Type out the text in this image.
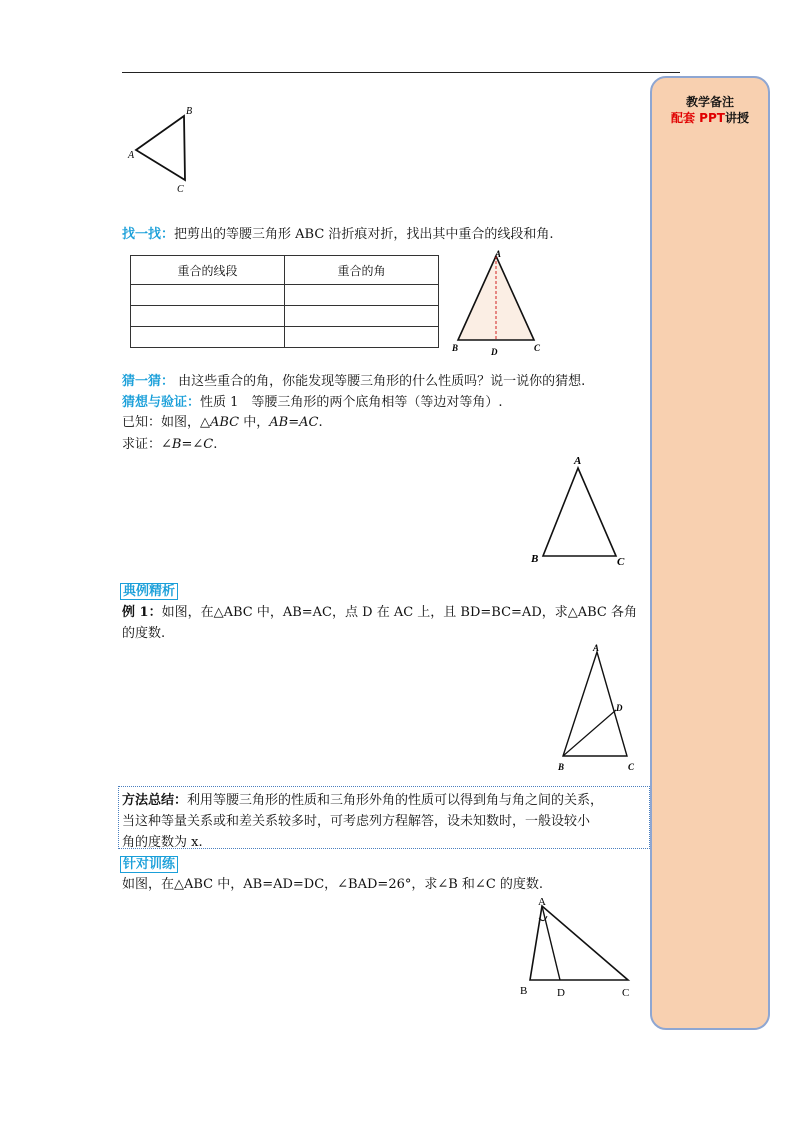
教学备注
配套 PPT讲授
B
A
C
找一找：把剪出的等腰三角形 ABC 沿折痕对折，找出其中重合的线段和角.
重合的线段	重合的角

A
B	D	C
猜一猜： 由这些重合的角，你能发现等腰三角形的什么性质吗？说一说你的猜想.
猜想与验证：性质 1　等腰三角形的两个底角相等（等边对等角）.
已知：如图，△ABC 中，AB=AC.
求证：∠B=∠C.
A
B	C
典例精析
例 1：如图，在△ABC 中，AB=AC，点 D 在 AC 上，且 BD=BC=AD，求△ABC 各角
的度数.
A
D
B	C
方法总结：利用等腰三角形的性质和三角形外角的性质可以得到角与角之间的关系，
当这种等量关系或和差关系较多时，可考虑列方程解答，设未知数时，一般设较小
角的度数为 x.
针对训练
如图，在△ABC 中，AB=AD=DC，∠BAD=26°，求∠B 和∠C 的度数.
A
B	D	C
